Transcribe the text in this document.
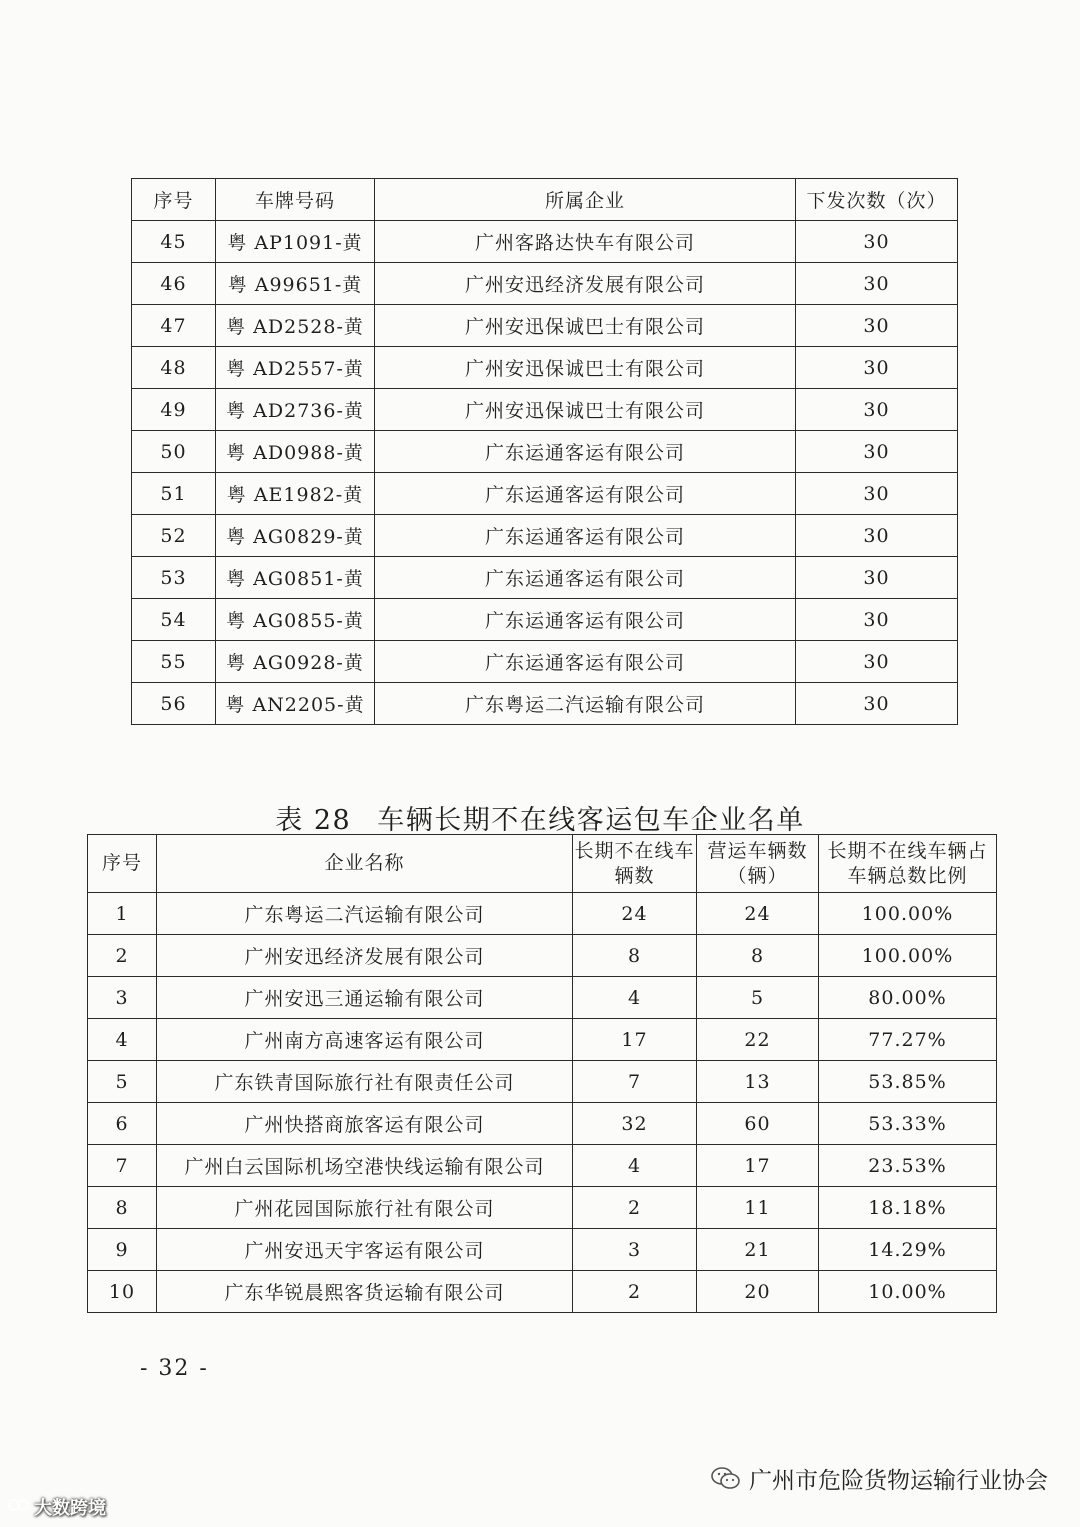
序号	车牌号码	所属企业	下发次数（次）
45	粤 AP1091-黄	广州客路达快车有限公司	30
46	粤 A99651-黄	广州安迅经济发展有限公司	30
47	粤 AD2528-黄	广州安迅保诚巴士有限公司	30
48	粤 AD2557-黄	广州安迅保诚巴士有限公司	30
49	粤 AD2736-黄	广州安迅保诚巴士有限公司	30
50	粤 AD0988-黄	广东运通客运有限公司	30
51	粤 AE1982-黄	广东运通客运有限公司	30
52	粤 AG0829-黄	广东运通客运有限公司	30
53	粤 AG0851-黄	广东运通客运有限公司	30
54	粤 AG0855-黄	广东运通客运有限公司	30
55	粤 AG0928-黄	广东运通客运有限公司	30
56	粤 AN2205-黄	广东粤运二汽运输有限公司	30
表 28 车辆长期不在线客运包车企业名单
序号	企业名称	长期不在线车辆数	营运车辆数（辆）	长期不在线车辆占车辆总数比例
1	广东粤运二汽运输有限公司	24	24	100.00%
2	广州安迅经济发展有限公司	8	8	100.00%
3	广州安迅三通运输有限公司	4	5	80.00%
4	广州南方高速客运有限公司	17	22	77.27%
5	广东铁青国际旅行社有限责任公司	7	13	53.85%
6	广州快搭商旅客运有限公司	32	60	53.33%
7	广州白云国际机场空港快线运输有限公司	4	17	23.53%
8	广州花园国际旅行社有限公司	2	11	18.18%
9	广州安迅天宇客运有限公司	3	21	14.29%
10	广东华锐晨熙客货运输有限公司	2	20	10.00%
- 32 -
大数跨境
广州市危险货物运输行业协会
